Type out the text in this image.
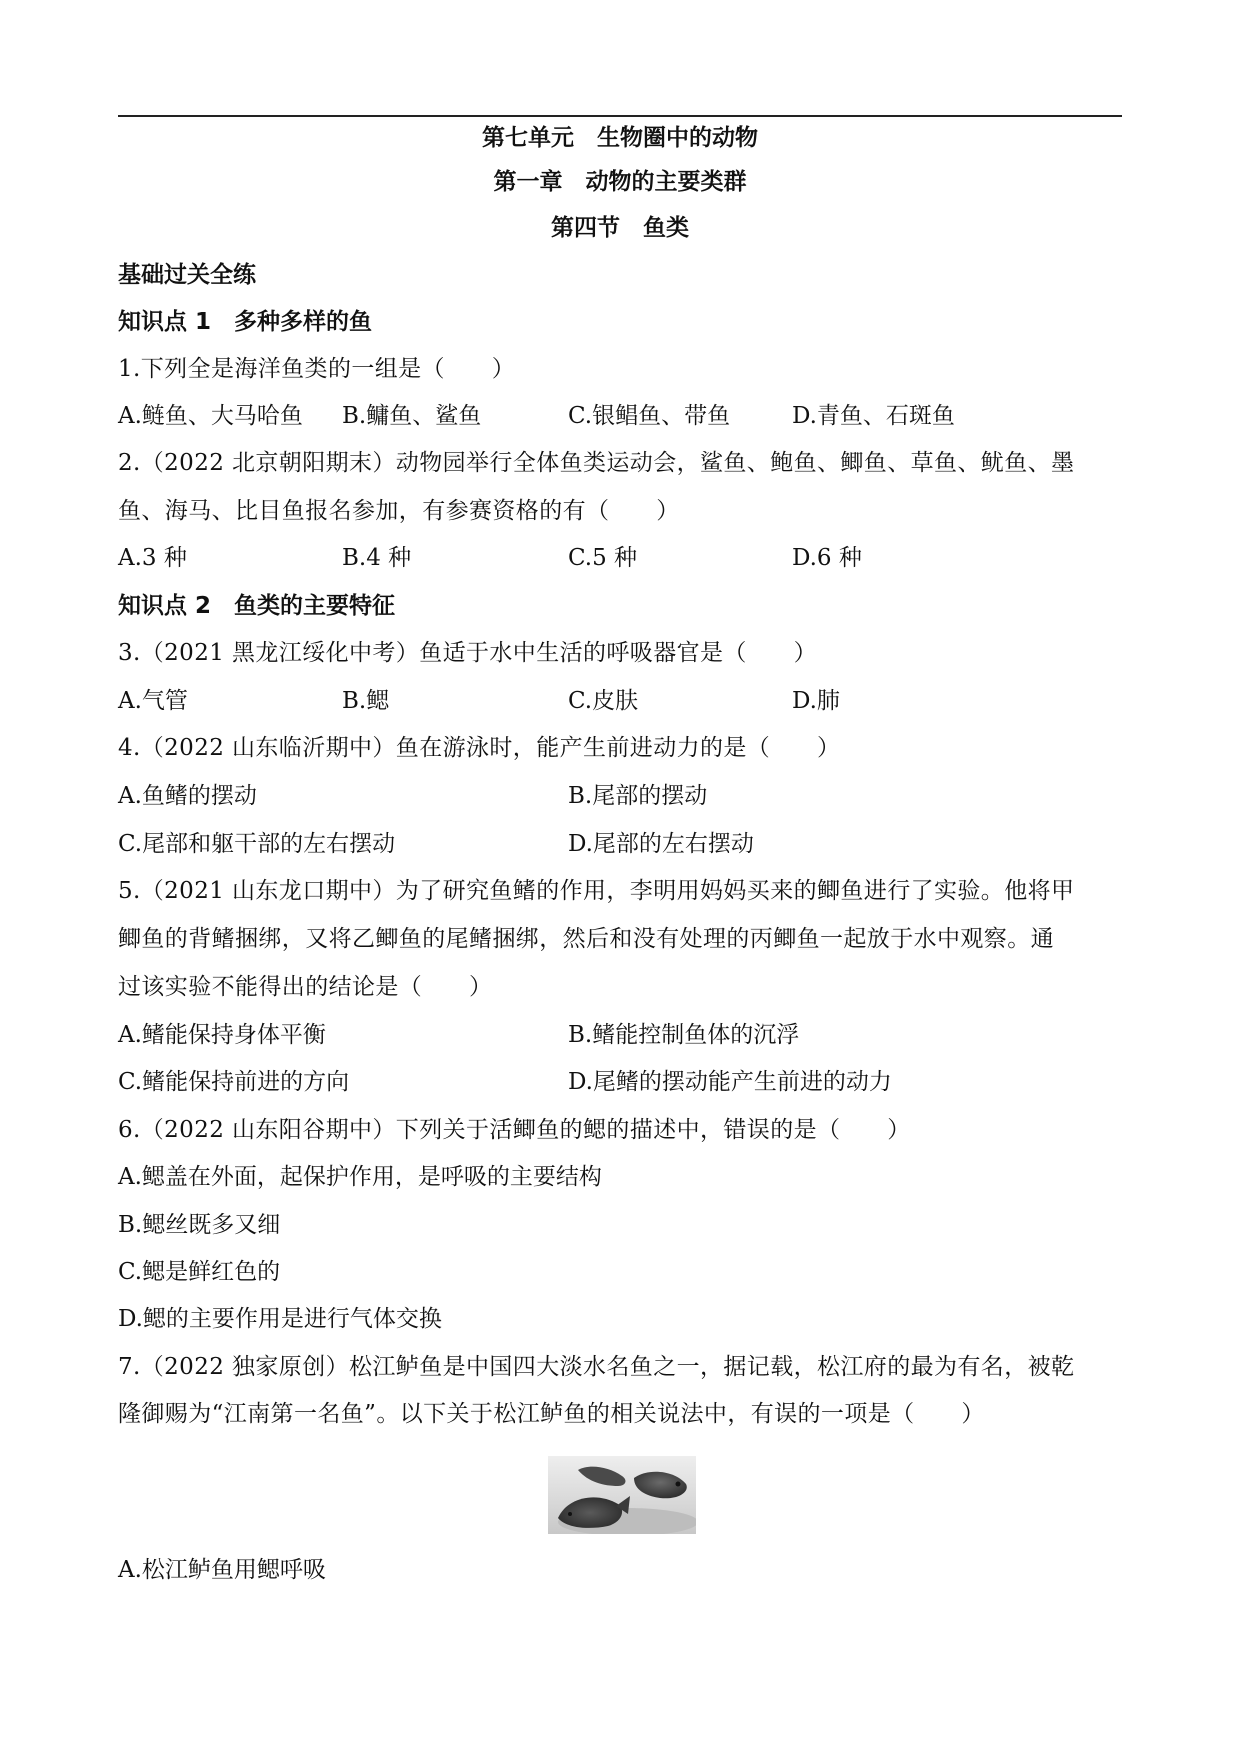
第七单元　生物圈中的动物
第一章　动物的主要类群
第四节　鱼类
基础过关全练
知识点 1　多种多样的鱼
1.下列全是海洋鱼类的一组是（　　）
A.鲢鱼、大马哈鱼 B.鳙鱼、鲨鱼	C.银鲳鱼、带鱼	D.青鱼、石斑鱼
2.（2022 北京朝阳期末）动物园举行全体鱼类运动会，鲨鱼、鲍鱼、鲫鱼、草鱼、鱿鱼、墨
鱼、海马、比目鱼报名参加，有参赛资格的有（　　）
A.3 种	B.4 种	C.5 种	D.6 种
知识点 2　鱼类的主要特征
3.（2021 黑龙江绥化中考）鱼适于水中生活的呼吸器官是（　　）
A.气管	B.鳃	C.皮肤	D.肺
4.（2022 山东临沂期中）鱼在游泳时，能产生前进动力的是（　　）
A.鱼鳍的摆动	B.尾部的摆动
C.尾部和躯干部的左右摆动	D.尾部的左右摆动
5.（2021 山东龙口期中）为了研究鱼鳍的作用，李明用妈妈买来的鲫鱼进行了实验。他将甲
鲫鱼的背鳍捆绑，又将乙鲫鱼的尾鳍捆绑，然后和没有处理的丙鲫鱼一起放于水中观察。通
过该实验不能得出的结论是（　　）
A.鳍能保持身体平衡	B.鳍能控制鱼体的沉浮
C.鳍能保持前进的方向	D.尾鳍的摆动能产生前进的动力
6.（2022 山东阳谷期中）下列关于活鲫鱼的鳃的描述中，错误的是（　　）
A.鳃盖在外面，起保护作用，是呼吸的主要结构
B.鳃丝既多又细
C.鳃是鲜红色的
D.鳃的主要作用是进行气体交换
7.（2022 独家原创）松江鲈鱼是中国四大淡水名鱼之一，据记载，松江府的最为有名，被乾
隆御赐为“江南第一名鱼”。以下关于松江鲈鱼的相关说法中，有误的一项是（　　）
A.松江鲈鱼用鳃呼吸
